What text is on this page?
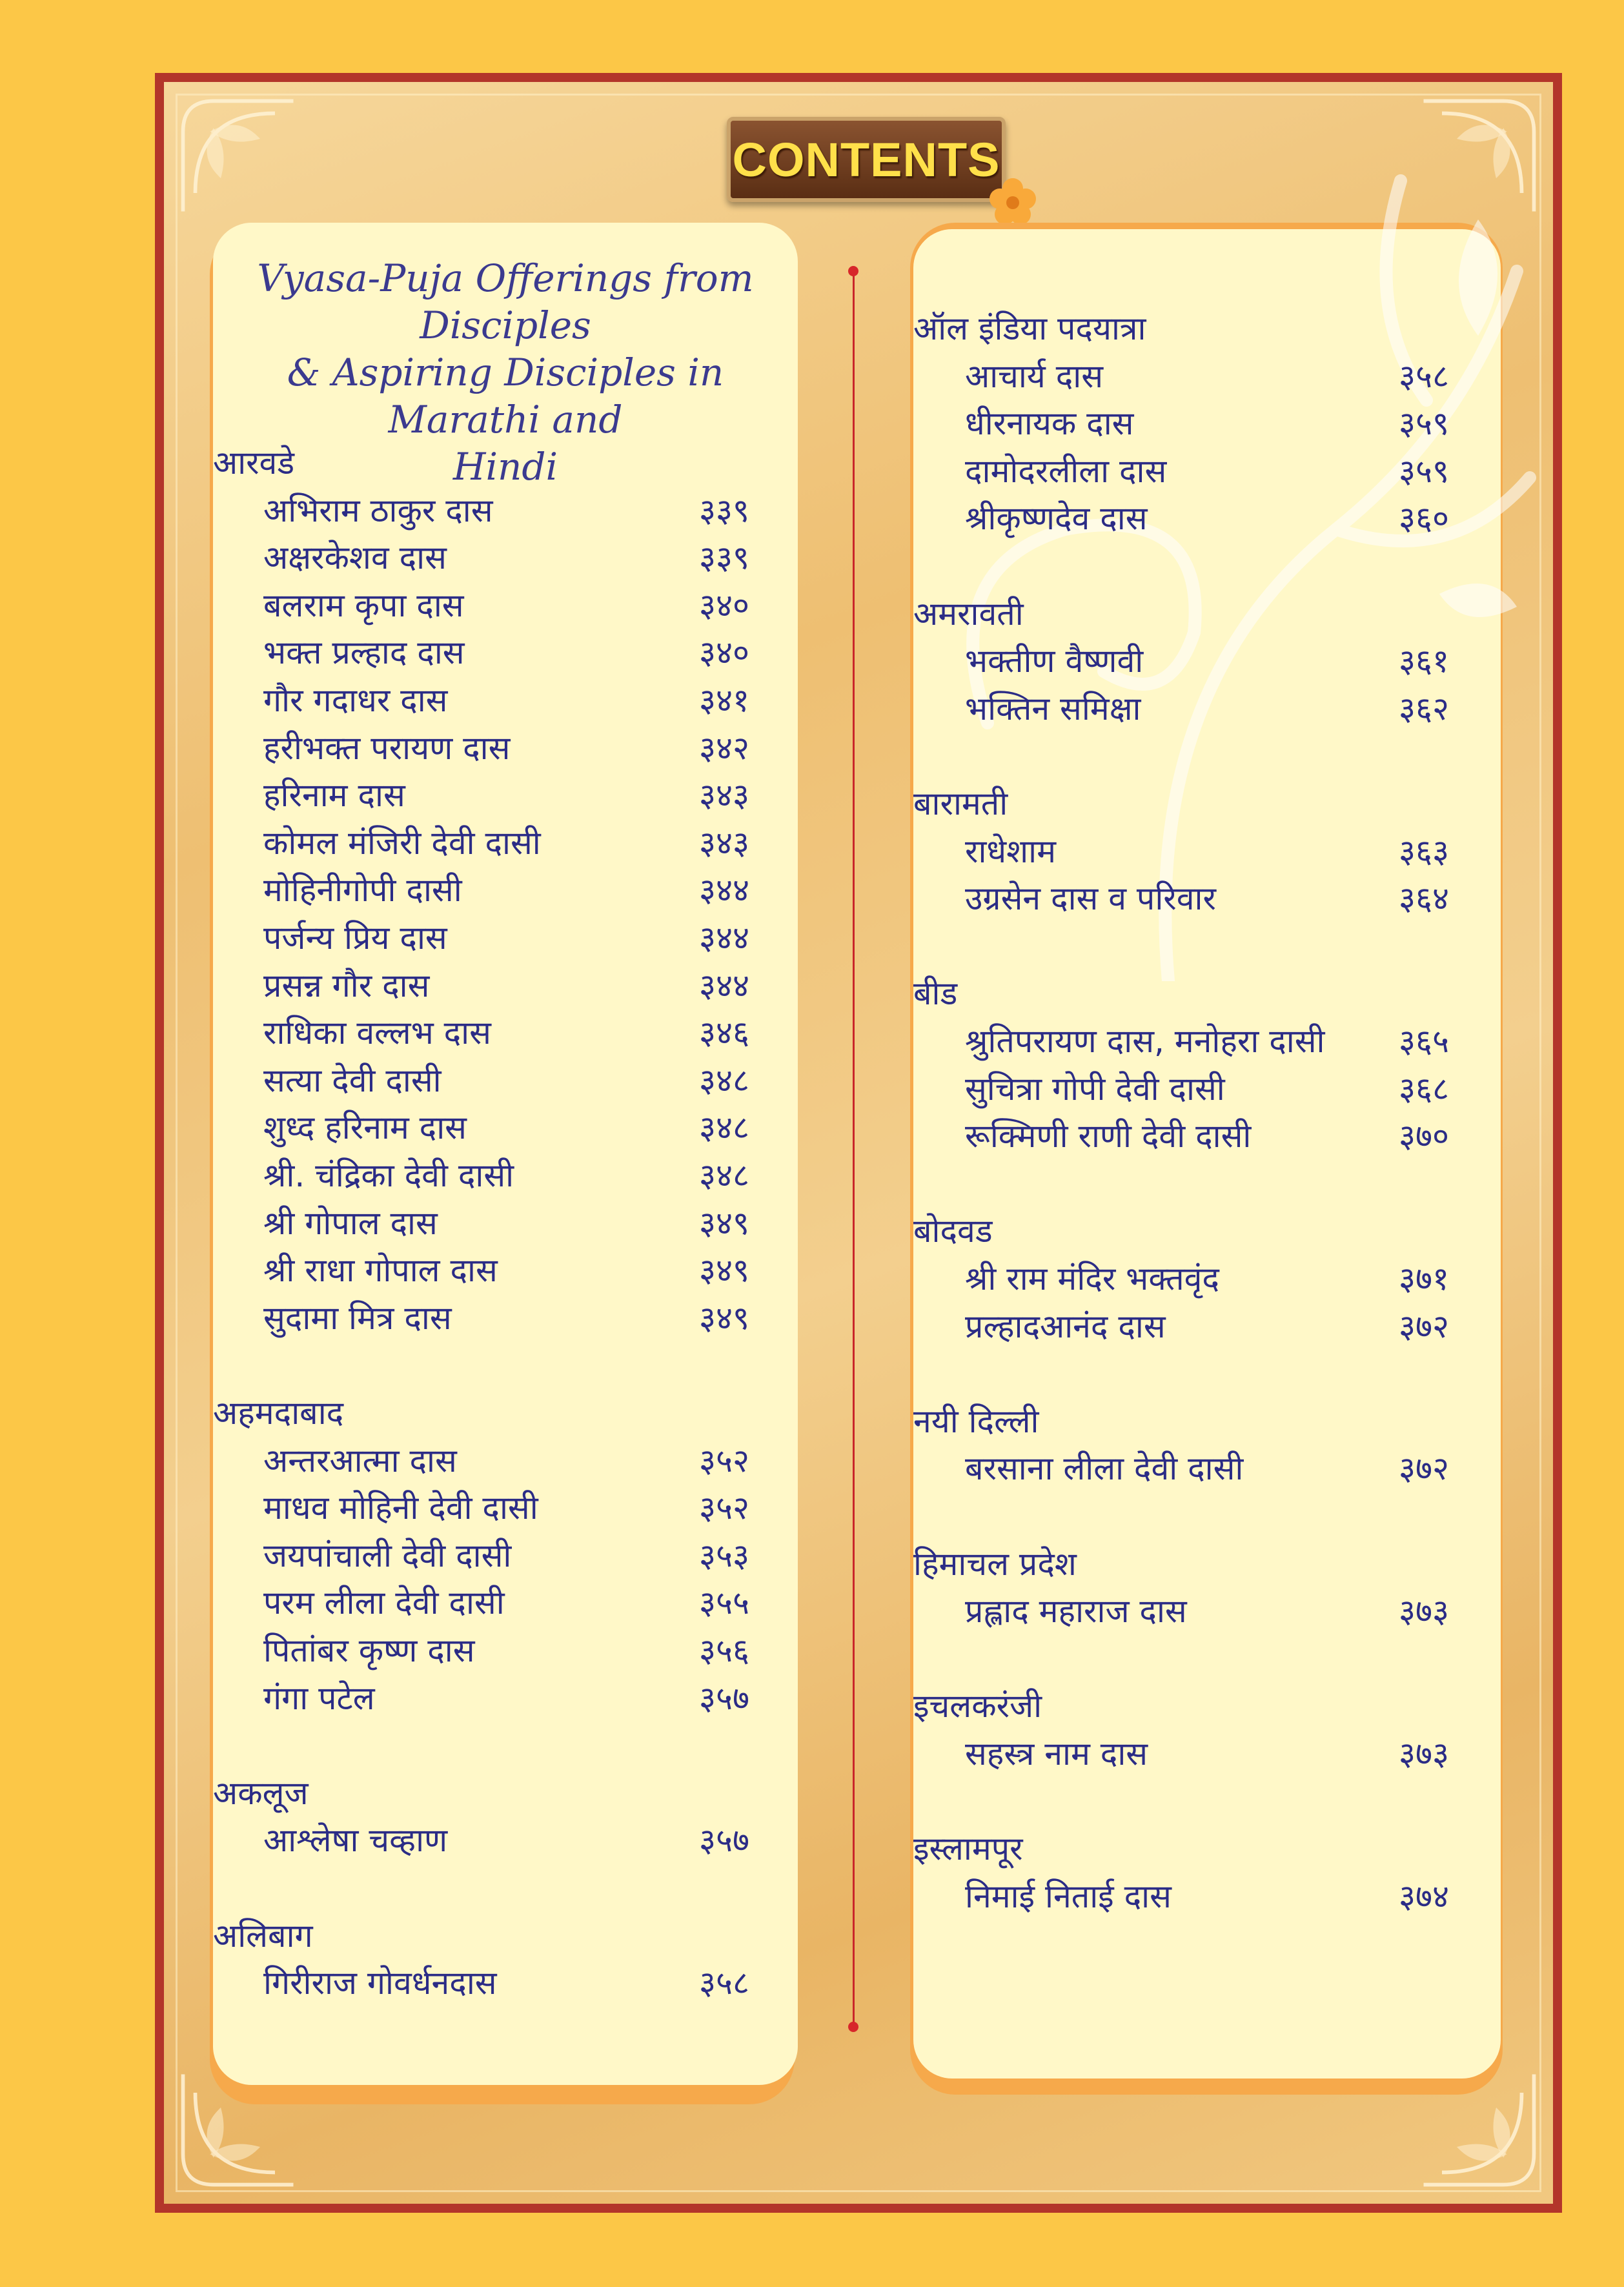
CONTENTS
Vyasa-Puja Offerings from Disciples
& Aspiring Disciples in Marathi and
Hindi
आरवडे
अभिराम ठाकुर दास	३३९
अक्षरकेशव दास	३३९
बलराम कृपा दास	३४०
भक्त प्रल्हाद दास	३४०
गौर गदाधर दास	३४१
हरीभक्त परायण दास	३४२
हरिनाम दास	३४३
कोमल मंजिरी देवी दासी	३४३
मोहिनीगोपी दासी	३४४
पर्जन्य प्रिय दास	३४४
प्रसन्न गौर दास	३४४
राधिका वल्लभ दास	३४६
सत्या देवी दासी	३४८
शुध्द हरिनाम दास	३४८
श्री. चंद्रिका देवी दासी	३४८
श्री गोपाल दास	३४९
श्री राधा गोपाल दास	३४९
सुदामा मित्र दास	३४९
अहमदाबाद
अन्तरआत्मा दास	३५२
माधव मोहिनी देवी दासी	३५२
जयपांचाली देवी दासी	३५३
परम लीला देवी दासी	३५५
पितांबर कृष्ण दास	३५६
गंगा पटेल	३५७
अकलूज
आश्लेषा चव्हाण	३५७
अलिबाग
गिरीराज गोवर्धनदास	३५८
ऑल इंडिया पदयात्रा
आचार्य दास	३५८
धीरनायक दास	३५९
दामोदरलीला दास	३५९
श्रीकृष्णदेव दास	३६०
अमरावती
भक्तीण वैष्णवी	३६१
भक्तिन समिक्षा	३६२
बारामती
राधेशाम	३६३
उग्रसेन दास व परिवार	३६४
बीड
श्रुतिपरायण दास, मनोहरा दासी ३६५
सुचित्रा गोपी देवी दासी	३६८
रूक्मिणी राणी देवी दासी	३७०
बोदवड
श्री राम मंदिर भक्तवृंद	३७१
प्रल्हादआनंद दास	३७२
नयी दिल्ली
बरसाना लीला देवी दासी	३७२
हिमाचल प्रदेश
प्रह्लाद महाराज दास	३७३
इचलकरंजी
सहस्त्र नाम दास	३७३
इस्लामपूर
निमाई निताई दास	३७४
